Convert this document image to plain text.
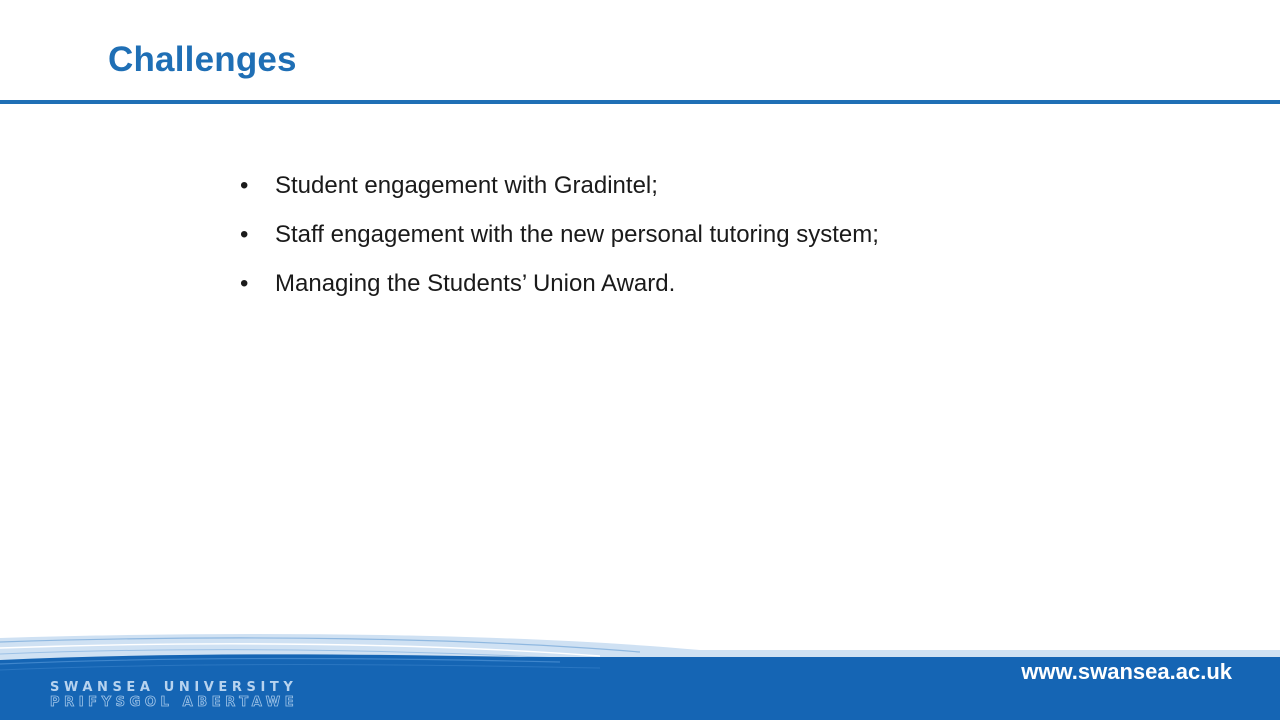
Challenges
•	Student engagement with Gradintel;
•	Staff engagement with the new personal tutoring system;
•	Managing the Students’ Union Award.
www.swansea.ac.uk
SWANSEA UNIVERSITY
PRIFYSGOL ABERTAWE
